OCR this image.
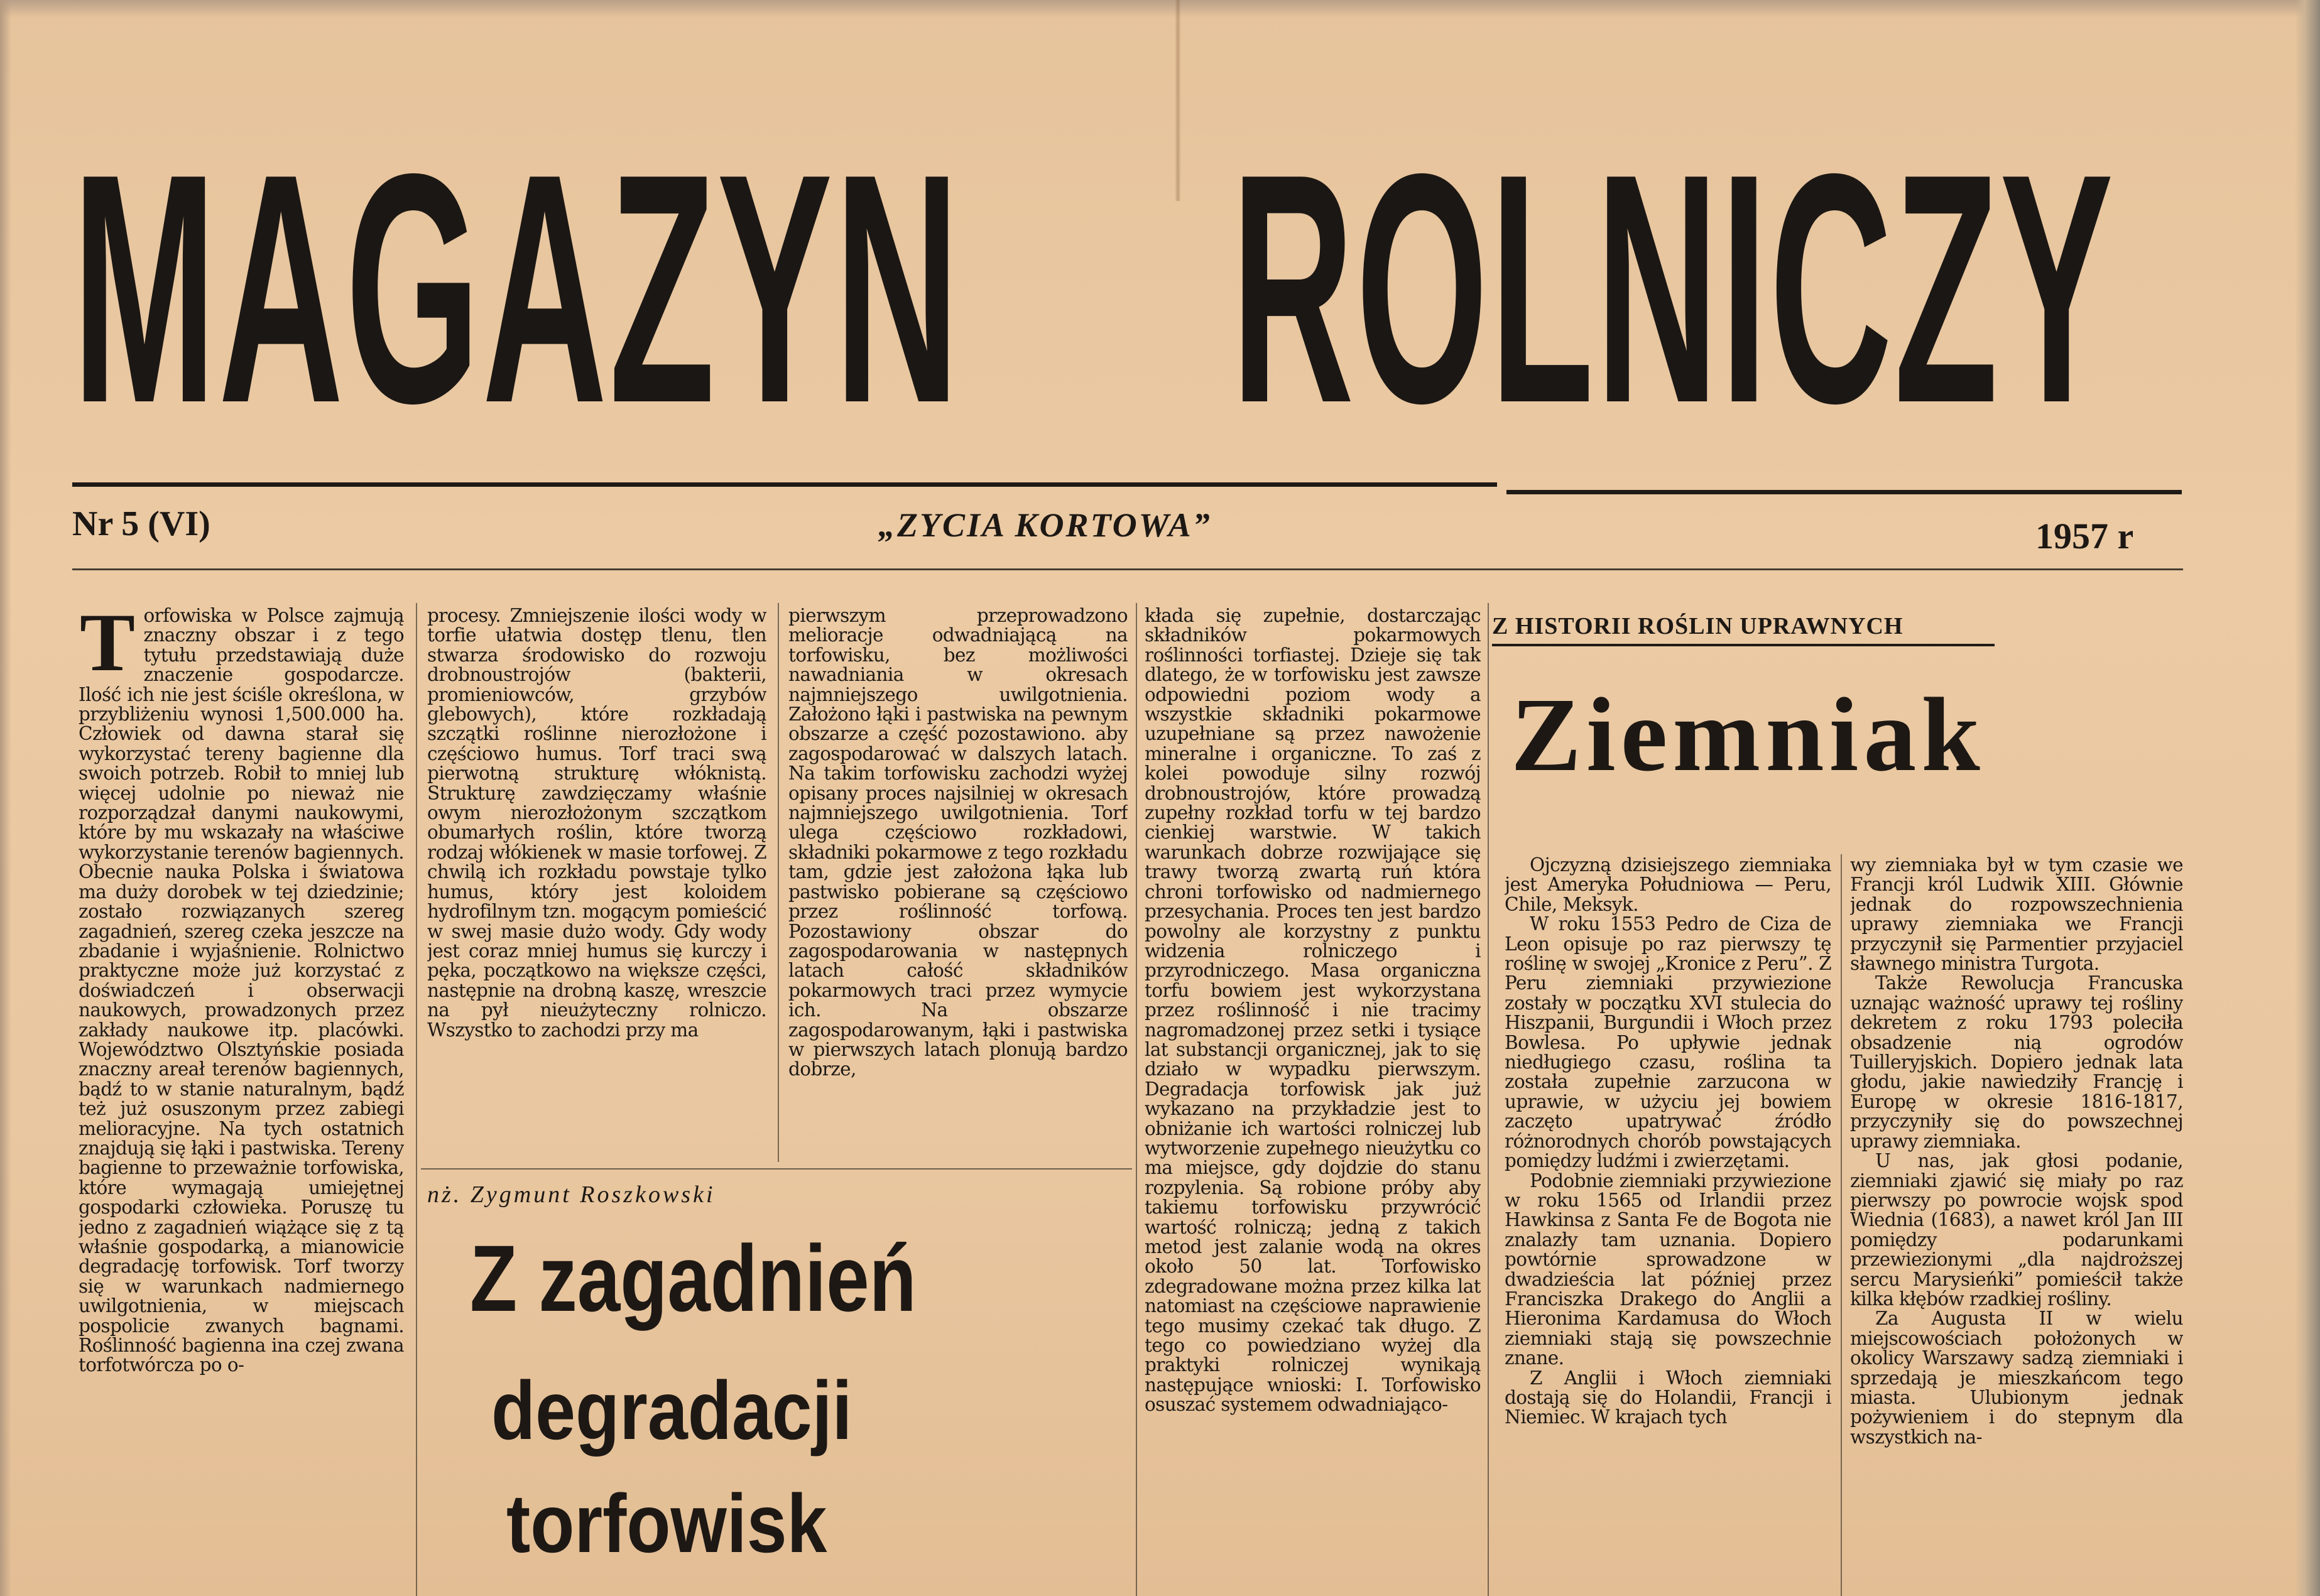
MAGAZYN ROLNICZY
Nr 5 (VI)	„ZYCIA KORTOWA”	1957 r
Torfowiska w Polsce zajmują znaczny obszar i z tego tytułu przedstawiają duże znaczenie gospodarcze. Ilość ich nie jest ściśle określona, w przybliżeniu wynosi 1,500.000 ha. Człowiek od dawna starał się wykorzystać tereny bagienne dla swoich potrzeb. Robił to mniej lub więcej udolnie po nieważ nie rozporządzał danymi naukowymi, które by mu wskazały na właściwe wykorzystanie terenów bagiennych. Obecnie nauka Polska i światowa ma duży dorobek w tej dziedzinie; zostało rozwiązanych szereg zagadnień, szereg czeka jeszcze na zbadanie i wyjaśnienie. Rolnictwo praktyczne może już korzystać z doświadczeń i obserwacji naukowych, prowadzonych przez zakłady naukowe itp. placówki. Województwo Olsztyńskie posiada znaczny areał terenów bagiennych, bądź to w stanie naturalnym, bądź też już osuszonym przez zabiegi melioracyjne. Na tych ostatnich znajdują się łąki i pastwiska. Tereny bagienne to przeważnie torfowiska, które wymagają umiejętnej gospodarki człowieka. Poruszę tu jedno z zagadnień wiążące się z tą właśnie gospodarką, a mianowicie degradację torfowisk. Torf tworzy się w warunkach nadmiernego uwilgotnienia, w miejscach pospolicie zwanych bagnami. Roślinność bagienna ina czej zwana torfotwórcza po o-
procesy. Zmniejszenie ilości wody w torfie ułatwia dostęp tlenu, tlen stwarza środowisko do rozwoju drobnoustrojów (bakterii, promieniowców, grzybów glebowych), które rozkładają szczątki roślinne nierozłożone i częściowo humus. Torf traci swą pierwotną strukturę włóknistą. Strukturę zawdzięczamy właśnie owym nierozłożonym szczątkom obumarłych roślin, które tworzą rodzaj włókienek w masie torfowej. Z chwilą ich rozkładu powstaje tylko humus, który jest koloidem hydrofilnym tzn. mogącym pomieścić w swej masie dużo wody. Gdy wody jest coraz mniej humus się kurczy i pęka, początkowo na większe części, następnie na drobną kaszę, wreszcie na pył nieużyteczny rolniczo. Wszystko to zachodzi przy ma
pierwszym przeprowadzono melioracje odwadniającą na torfowisku, bez możliwości nawadniania w okresach najmniejszego uwilgotnienia. Założono łąki i pastwiska na pewnym obszarze a część pozostawiono. aby zagospodarować w dalszych latach. Na takim torfowisku zachodzi wyżej opisany proces najsilniej w okresach najmniejszego uwilgotnienia. Torf ulega częściowo rozkładowi, składniki pokarmowe z tego rozkładu tam, gdzie jest założona łąka lub pastwisko pobierane są częściowo przez roślinność torfową. Pozostawiony obszar do zagospodarowania w następnych latach całość składników pokarmowych traci przez wymycie ich. Na obszarze zagospodarowanym, łąki i pastwiska w pierwszych latach plonują bardzo dobrze,
kłada się zupełnie, dostarczając składników pokarmowych roślinności torfiastej. Dzieje się tak dlatego, że w torfowisku jest zawsze odpowiedni poziom wody a wszystkie składniki pokarmowe uzupełniane są przez nawożenie mineralne i organiczne. To zaś z kolei powoduje silny rozwój drobnoustrojów, które prowadzą zupełny rozkład torfu w tej bardzo cienkiej warstwie. W takich warunkach dobrze rozwijające się trawy tworzą zwartą ruń która chroni torfowisko od nadmiernego przesychania. Proces ten jest bardzo powolny ale korzystny z punktu widzenia rolniczego i przyrodniczego. Masa organiczna torfu bowiem jest wykorzystana przez roślinność i nie tracimy nagromadzonej przez setki i tysiące lat substancji organicznej, jak to się działo w wypadku pierwszym. Degradacja torfowisk jak już wykazano na przykładzie jest to obniżanie ich wartości rolniczej lub wytworzenie zupełnego nieużytku co ma miejsce, gdy dojdzie do stanu rozpylenia. Są robione próby aby takiemu torfowisku przywrócić wartość rolniczą; jedną z takich metod jest zalanie wodą na okres około 50 lat. Torfowisko zdegradowane można przez kilka lat natomiast na częściowe naprawienie tego musimy czekać tak długo. Z tego co powiedziano wyżej dla praktyki rolniczej wynikają następujące wnioski: I. Torfowisko osuszać systemem odwadniająco-
nż. Zygmunt Roszkowski
Z zagadnień
degradacji
torfowisk
Z HISTORII ROŚLIN UPRAWNYCH
Ziemniak

Ojczyzną dzisiejszego ziemniaka jest Ameryka Południowa — Peru, Chile, Meksyk.

W roku 1553 Pedro de Ciza de Leon opisuje po raz pierwszy tę roślinę w swojej „Kronice z Peru”. Z Peru ziemniaki przywiezione zostały w początku XVI stulecia do Hiszpanii, Burgundii i Włoch przez Bowlesa. Po upływie jednak niedługiego czasu, roślina ta została zupełnie zarzucona w uprawie, w użyciu jej bowiem zaczęto upatrywać źródło różnorodnych chorób powstających pomiędzy ludźmi i zwierzętami.

Podobnie ziemniaki przywiezione w roku 1565 od Irlandii przez Hawkinsa z Santa Fe de Bogota nie znalazły tam uznania. Dopiero powtórnie sprowadzone w dwadzieścia lat później przez Franciszka Drakego do Anglii a Hieronima Kardamusa do Włoch ziemniaki stają się powszechnie znane.

Z Anglii i Włoch ziemniaki dostają się do Holandii, Francji i Niemiec. W krajach tych

wy ziemniaka był w tym czasie we Francji król Ludwik XIII. Głównie jednak do rozpowszechnienia uprawy ziemniaka we Francji przyczynił się Parmentier przyjaciel sławnego ministra Turgota.

Także Rewolucja Francuska uznając ważność uprawy tej rośliny dekretem z roku 1793 poleciła obsadzenie nią ogrodów Tuilleryjskich. Dopiero jednak lata głodu, jakie nawiedziły Francję i Europę w okresie 1816-1817, przyczyniły się do powszechnej uprawy ziemniaka.

U nas, jak głosi podanie, ziemniaki zjawić się miały po raz pierwszy po powrocie wojsk spod Wiednia (1683), a nawet król Jan III pomiędzy podarunkami przewiezionymi „dla najdroższej sercu Marysieńki” pomieścił także kilka kłębów rzadkiej rośliny.

Za Augusta II w wielu miejscowościach położonych w okolicy Warszawy sadzą ziemniaki i sprzedają je mieszkańcom tego miasta. Ulubionym jednak pożywieniem i do stepnym dla wszystkich na-
